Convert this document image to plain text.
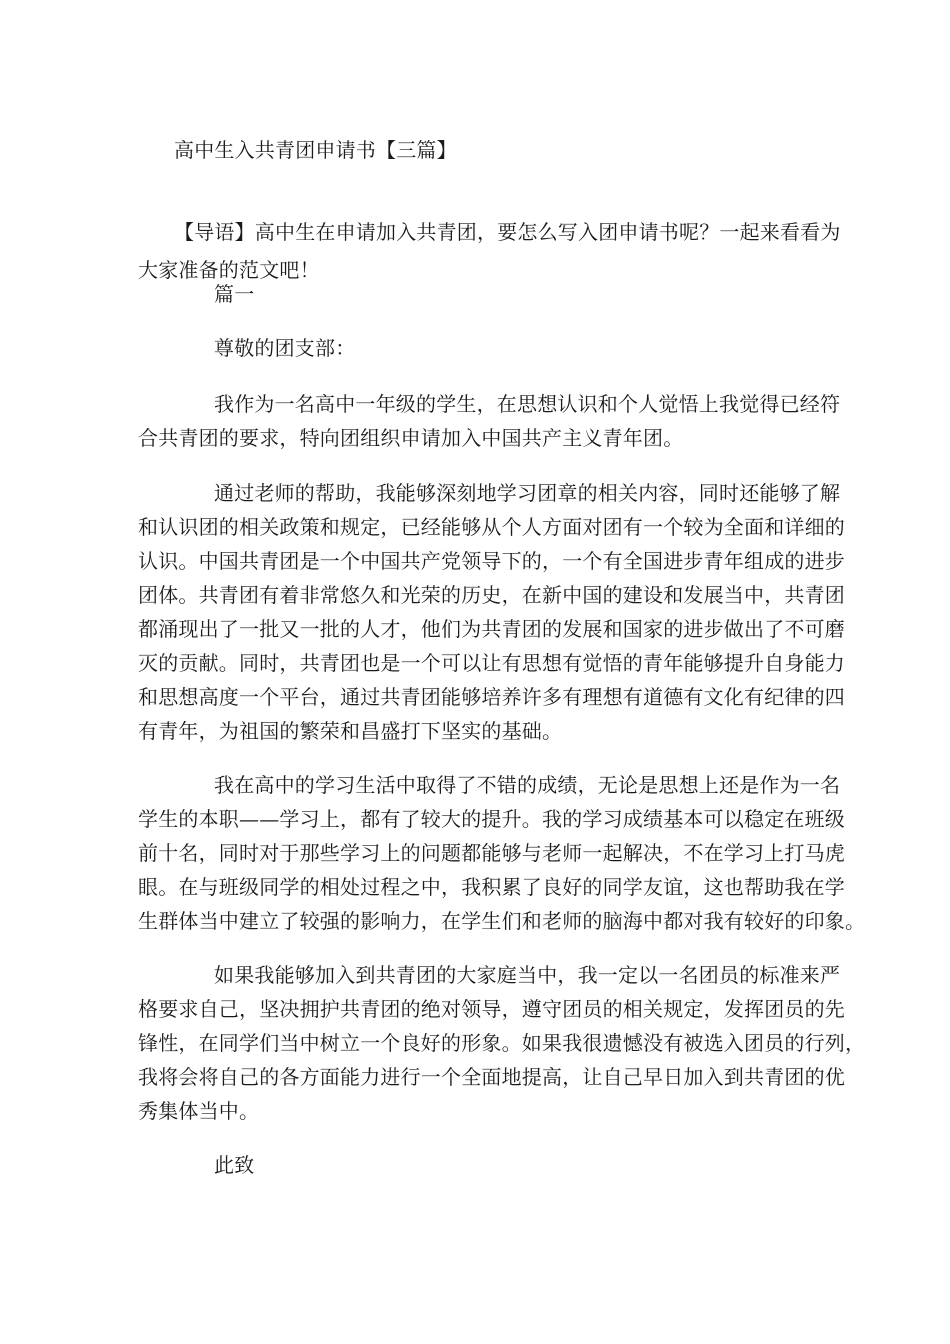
高中生入共青团申请书【三篇】
【导语】高中生在申请加入共青团，要怎么写入团申请书呢？一起来看看为
大家准备的范文吧！
篇一
尊敬的团支部：
我作为一名高中一年级的学生，在思想认识和个人觉悟上我觉得已经符
合共青团的要求，特向团组织申请加入中国共产主义青年团。
通过老师的帮助，我能够深刻地学习团章的相关内容，同时还能够了解
和认识团的相关政策和规定，已经能够从个人方面对团有一个较为全面和详细的
认识。中国共青团是一个中国共产党领导下的，一个有全国进步青年组成的进步
团体。共青团有着非常悠久和光荣的历史，在新中国的建设和发展当中，共青团
都涌现出了一批又一批的人才，他们为共青团的发展和国家的进步做出了不可磨
灭的贡献。同时，共青团也是一个可以让有思想有觉悟的青年能够提升自身能力
和思想高度一个平台，通过共青团能够培养许多有理想有道德有文化有纪律的四
有青年，为祖国的繁荣和昌盛打下坚实的基础。
我在高中的学习生活中取得了不错的成绩，无论是思想上还是作为一名
学生的本职——学习上，都有了较大的提升。我的学习成绩基本可以稳定在班级
前十名，同时对于那些学习上的问题都能够与老师一起解决，不在学习上打马虎
眼。在与班级同学的相处过程之中，我积累了良好的同学友谊，这也帮助我在学
生群体当中建立了较强的影响力，在学生们和老师的脑海中都对我有较好的印象。
如果我能够加入到共青团的大家庭当中，我一定以一名团员的标准来严
格要求自己，坚决拥护共青团的绝对领导，遵守团员的相关规定，发挥团员的先
锋性，在同学们当中树立一个良好的形象。如果我很遗憾没有被选入团员的行列，
我将会将自己的各方面能力进行一个全面地提高，让自己早日加入到共青团的优
秀集体当中。
此致
